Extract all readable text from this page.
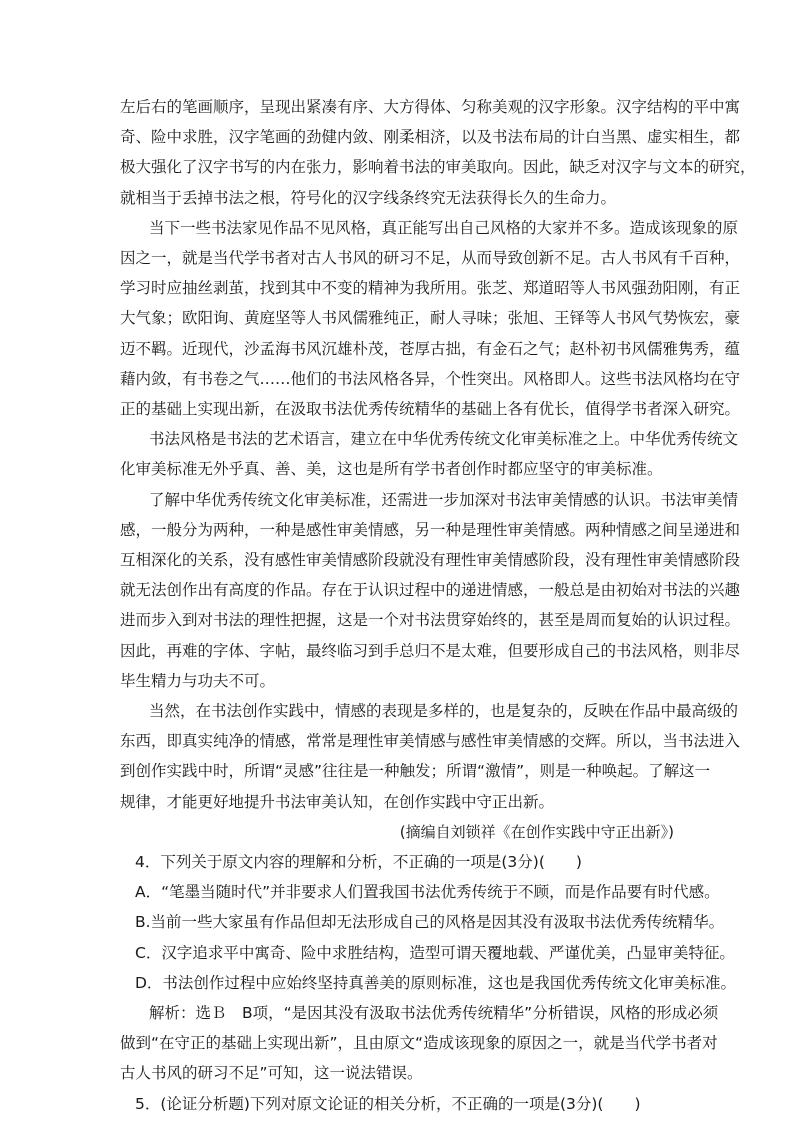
左后右的笔画顺序，呈现出紧凑有序、大方得体、匀称美观的汉字形象。汉字结构的平中寓
奇、险中求胜，汉字笔画的劲健内敛、刚柔相济，以及书法布局的计白当黑、虚实相生，都
极大强化了汉字书写的内在张力，影响着书法的审美取向。因此，缺乏对汉字与文本的研究，
就相当于丢掉书法之根，符号化的汉字线条终究无法获得长久的生命力。
当下一些书法家见作品不见风格，真正能写出自己风格的大家并不多。造成该现象的原
因之一，就是当代学书者对古人书风的研习不足，从而导致创新不足。古人书风有千百种，
学习时应抽丝剥茧，找到其中不变的精神为我所用。张芝、郑道昭等人书风强劲阳刚，有正
大气象；欧阳询、黄庭坚等人书风儒雅纯正，耐人寻味；张旭、王铎等人书风气势恢宏，豪
迈不羁。近现代，沙孟海书风沉雄朴茂，苍厚古拙，有金石之气；赵朴初书风儒雅隽秀，蕴
藉内敛，有书卷之气……他们的书法风格各异，个性突出。风格即人。这些书法风格均在守
正的基础上实现出新，在汲取书法优秀传统精华的基础上各有优长，值得学书者深入研究。
书法风格是书法的艺术语言，建立在中华优秀传统文化审美标准之上。中华优秀传统文
化审美标准无外乎真、善、美，这也是所有学书者创作时都应坚守的审美标准。
了解中华优秀传统文化审美标准，还需进一步加深对书法审美情感的认识。书法审美情
感，一般分为两种，一种是感性审美情感，另一种是理性审美情感。两种情感之间呈递进和
互相深化的关系，没有感性审美情感阶段就没有理性审美情感阶段，没有理性审美情感阶段
就无法创作出有高度的作品。存在于认识过程中的递进情感，一般总是由初始对书法的兴趣
进而步入到对书法的理性把握，这是一个对书法贯穿始终的，甚至是周而复始的认识过程。
因此，再难的字体、字帖，最终临习到手总归不是太难，但要形成自己的书法风格，则非尽
毕生精力与功夫不可。
当然，在书法创作实践中，情感的表现是多样的，也是复杂的，反映在作品中最高级的
东西，即真实纯净的情感，常常是理性审美情感与感性审美情感的交辉。所以，当书法进入
到创作实践中时，所谓“灵感”往往是一种触发；所谓“激情”，则是一种唤起。了解这一
规律，才能更好地提升书法审美认知，在创作实践中守正出新。
(摘编自刘锁祥《在创作实践中守正出新》)
4．下列关于原文内容的理解和分析，不正确的一项是(3分)(　　)
A．“笔墨当随时代”并非要求人们置我国书法优秀传统于不顾，而是作品要有时代感。
B.当前一些大家虽有作品但却无法形成自己的风格是因其没有汲取书法优秀传统精华。
C．汉字追求平中寓奇、险中求胜结构，造型可谓天覆地载、严谨优美，凸显审美特征。
D．书法创作过程中应始终坚持真善美的原则标准，这也是我国优秀传统文化审美标准。
解析：选Ｂ　B项，“是因其没有汲取书法优秀传统精华”分析错误，风格的形成必须
做到“在守正的基础上实现出新”，且由原文“造成该现象的原因之一，就是当代学书者对
古人书风的研习不足”可知，这一说法错误。
5．(论证分析题)下列对原文论证的相关分析，不正确的一项是(3分)(　　)
